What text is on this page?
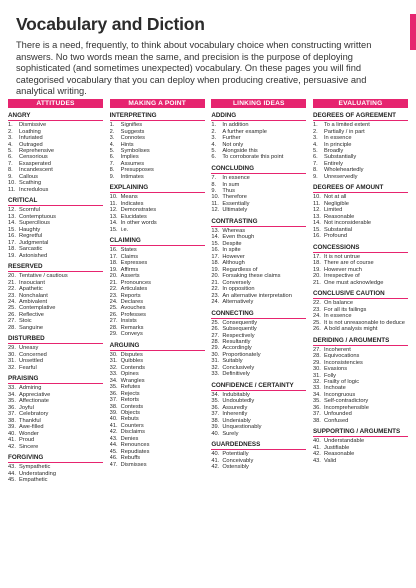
Vocabulary and Diction
There is a need, frequently, to think about vocabulary choice when constructing written answers. No two words mean the same, and precision is the purpose of deploying sophisticated (and sometimes unexpected) vocabulary. On these pages you will find categorised vocabulary that you can deploy when producing creative, persuasive and analytical writing.
ATTITUDES
ANGRY
1. Dismissive
2. Loathing
3. Infuriated
4. Outraged
5. Reprehensive
6. Censorious
7. Exasperated
8. Incandescent
9. Callous
10. Scathing
11. Incredulous
CRITICAL
12. Scornful
13. Contemptuous
14. Supercilious
15. Haughty
16. Regretful
17. Judgmental
18. Sarcastic
19. Astonished
RESERVED
20. Tentative / cautious
21. Insouciant
22. Apathetic
23. Nonchalant
24. Ambivalent
25. Contemplative
26. Reflective
27. Stoic
28. Sanguine
DISTURBED
29. Uneasy
30. Concerned
31. Unsettled
32. Fearful
PRAISING
33. Admiring
34. Appreciative
35. Affectionate
36. Joyful
37. Celebratory
38. Thankful
39. Awe-filled
40. Wonder
41. Proud
42. Sincere
FORGIVING
43. Sympathetic
44. Understanding
45. Empathetic
MAKING A POINT
INTERPRETING
1. Signifies
2. Suggests
3. Connotes
4. Hints
5. Symbolises
6. Implies
7. Assumes
8. Presupposes
9. Intimates
EXPLAINING
10. Means
11. Indicates
12. Demonstrates
13. Elucidates
14. In other words
15. i.e.
CLAIMING
16. States
17. Claims
18. Expresses
19. Affirms
20. Asserts
21. Pronounces
22. Articulates
23. Reports
24. Declares
25. Avouches
26. Professes
27. Insists
28. Remarks
29. Conveys
ARGUING
30. Disputes
31. Quibbles
32. Contends
33. Opines
34. Wrangles
35. Refutes
36. Rejects
37. Retorts
38. Contests
39. Objects
40. Rebuts
41. Counters
42. Disclaims
43. Denies
44. Renounces
45. Repudiates
46. Rebuffs
47. Dismisses
LINKING IDEAS
ADDING
1. In addition
2. A further example
3. Further
4. Not only
5. Alongside this
6. To corroborate this point
CONCLUDING
7. In essence
8. In sum
9. Thus
10. Therefore
11. Essentially
12. Ultimately
CONTRASTING
13. Whereas
14. Even though
15. Despite
16. In spite
17. However
18. Although
19. Regardless of
20. Forsaking these claims
21. Conversely
22. In opposition
23. An alternative interpretation
24. Alternatively
CONNECTING
25. Consequently
26. Subsequently
27. Respectively
28. Resultantly
29. Accordingly
30. Proportionately
31. Suitably
32. Conclusively
33. Definitively
CONFIDENCE / CERTAINTY
34. Indubitably
35. Undoubtedly
36. Assuredly
37. Inherently
38. Undeniably
39. Unquestionably
40. Surely
GUARDEDNESS
40. Potentially
41. Conceivably
42. Ostensibly
EVALUATING
DEGREES OF AGREEMENT
1. To a limited extent
2. Partially / in part
3. In essence
4. In principle
5. Broadly
6. Substantially
7. Entirely
8. Wholeheartedly
9. Unreservedly
DEGREES OF AMOUNT
10. Not at all
11. Negligible
12. Limited
13. Reasonable
14. Not inconsiderable
15. Substantial
16. Profound
CONCESSIONS
17. It is not untrue
18. There are of course
19. However much
20. Irrespective of
21. One must acknowledge
CONCLUSIVE CAUTION
22. On balance
23. For all its failings
24. In essence
25. It is not unreasonable to deduce
26. A bold analysis might
DERIDING / ARGUMENTS
27. Incoherent
28. Equivocations
29. Inconsistencies
30. Evasions
31. Folly
32. Frailty of logic
33. Inchoate
34. Incongruous
35. Self-contradictory
36. Incomprehensible
37. Unfounded
38. Confused
SUPPORTING / ARGUMENTS
40. Understandable
41. Justifiable
42. Reasonable
43. Valid
